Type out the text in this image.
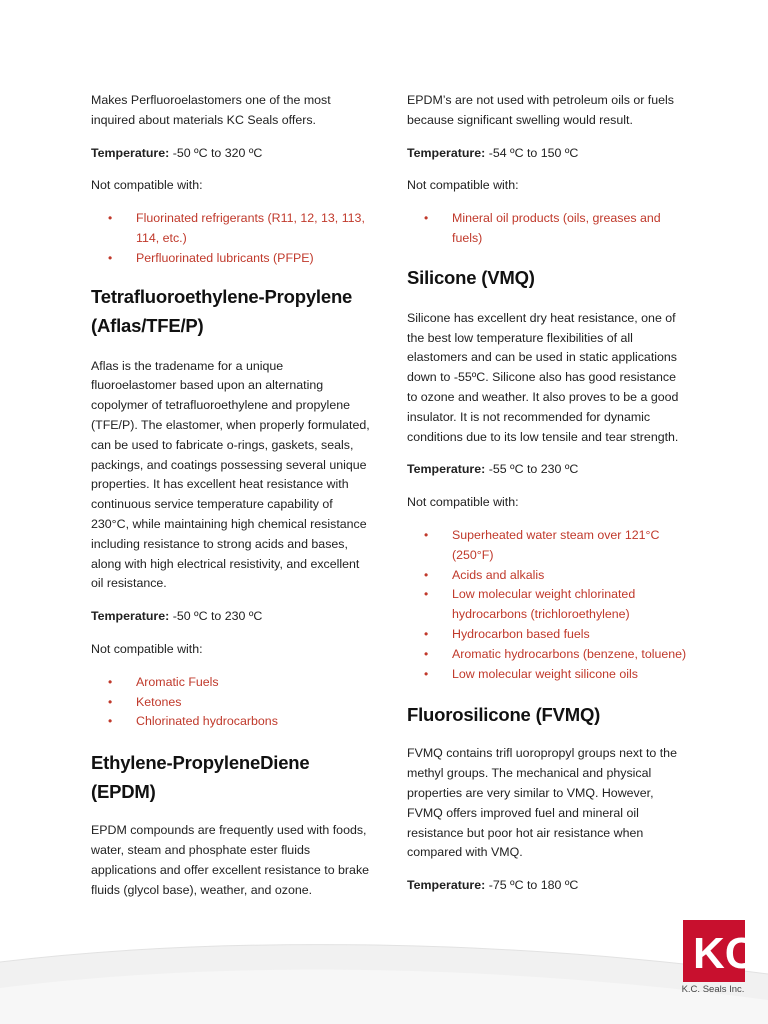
Makes Perfluoroelastomers one of the most inquired about materials KC Seals offers.

Temperature: -50 ºC to 320 ºC

Not compatible with:

• Fluorinated refrigerants (R11, 12, 13, 113, 114, etc.)
• Perfluorinated lubricants (PFPE)
Tetrafluoroethylene-Propylene (Aflas/TFE/P)

Aflas is the tradename for a unique fluoroelastomer based upon an alternating copolymer of tetrafluoroethylene and propylene (TFE/P). The elastomer, when properly formulated, can be used to fabricate o-rings, gaskets, seals, packings, and coatings possessing several unique properties. It has excellent heat resistance with continuous service temperature capability of 230°C, while maintaining high chemical resistance including resistance to strong acids and bases, along with high electrical resistivity, and excellent oil resistance.

Temperature: -50 ºC to 230 ºC

Not compatible with:

• Aromatic Fuels
• Ketones
• Chlorinated hydrocarbons
Ethylene-PropyleneDiene (EPDM)

EPDM compounds are frequently used with foods, water, steam and phosphate ester fluids applications and offer excellent resistance to brake fluids (glycol base), weather, and ozone.

EPDM’s are not used with petroleum oils or fuels because significant swelling would result.

Temperature: -54 ºC to 150 ºC

Not compatible with:

• Mineral oil products (oils, greases and fuels)
Silicone (VMQ)

Silicone has excellent dry heat resistance, one of the best low temperature flexibilities of all elastomers and can be used in static applications down to -55ºC. Silicone also has good resistance to ozone and weather. It also proves to be a good insulator. It is not recommended for dynamic conditions due to its low tensile and tear strength.

Temperature: -55 ºC to 230 ºC

Not compatible with:

• Superheated water steam over 121°C (250°F)
• Acids and alkalis
• Low molecular weight chlorinated hydrocarbons (trichloroethylene)
• Hydrocarbon based fuels
• Aromatic hydrocarbons (benzene, toluene)
• Low molecular weight silicone oils
Fluorosilicone (FVMQ)

FVMQ contains trifl uoropropyl groups next to the methyl groups. The mechanical and physical properties are very similar to VMQ. However, FVMQ offers improved fuel and mineral oil resistance but poor hot air resistance when compared with VMQ.

Temperature: -75 ºC to 180 ºC
KC
K.C. Seals Inc.
